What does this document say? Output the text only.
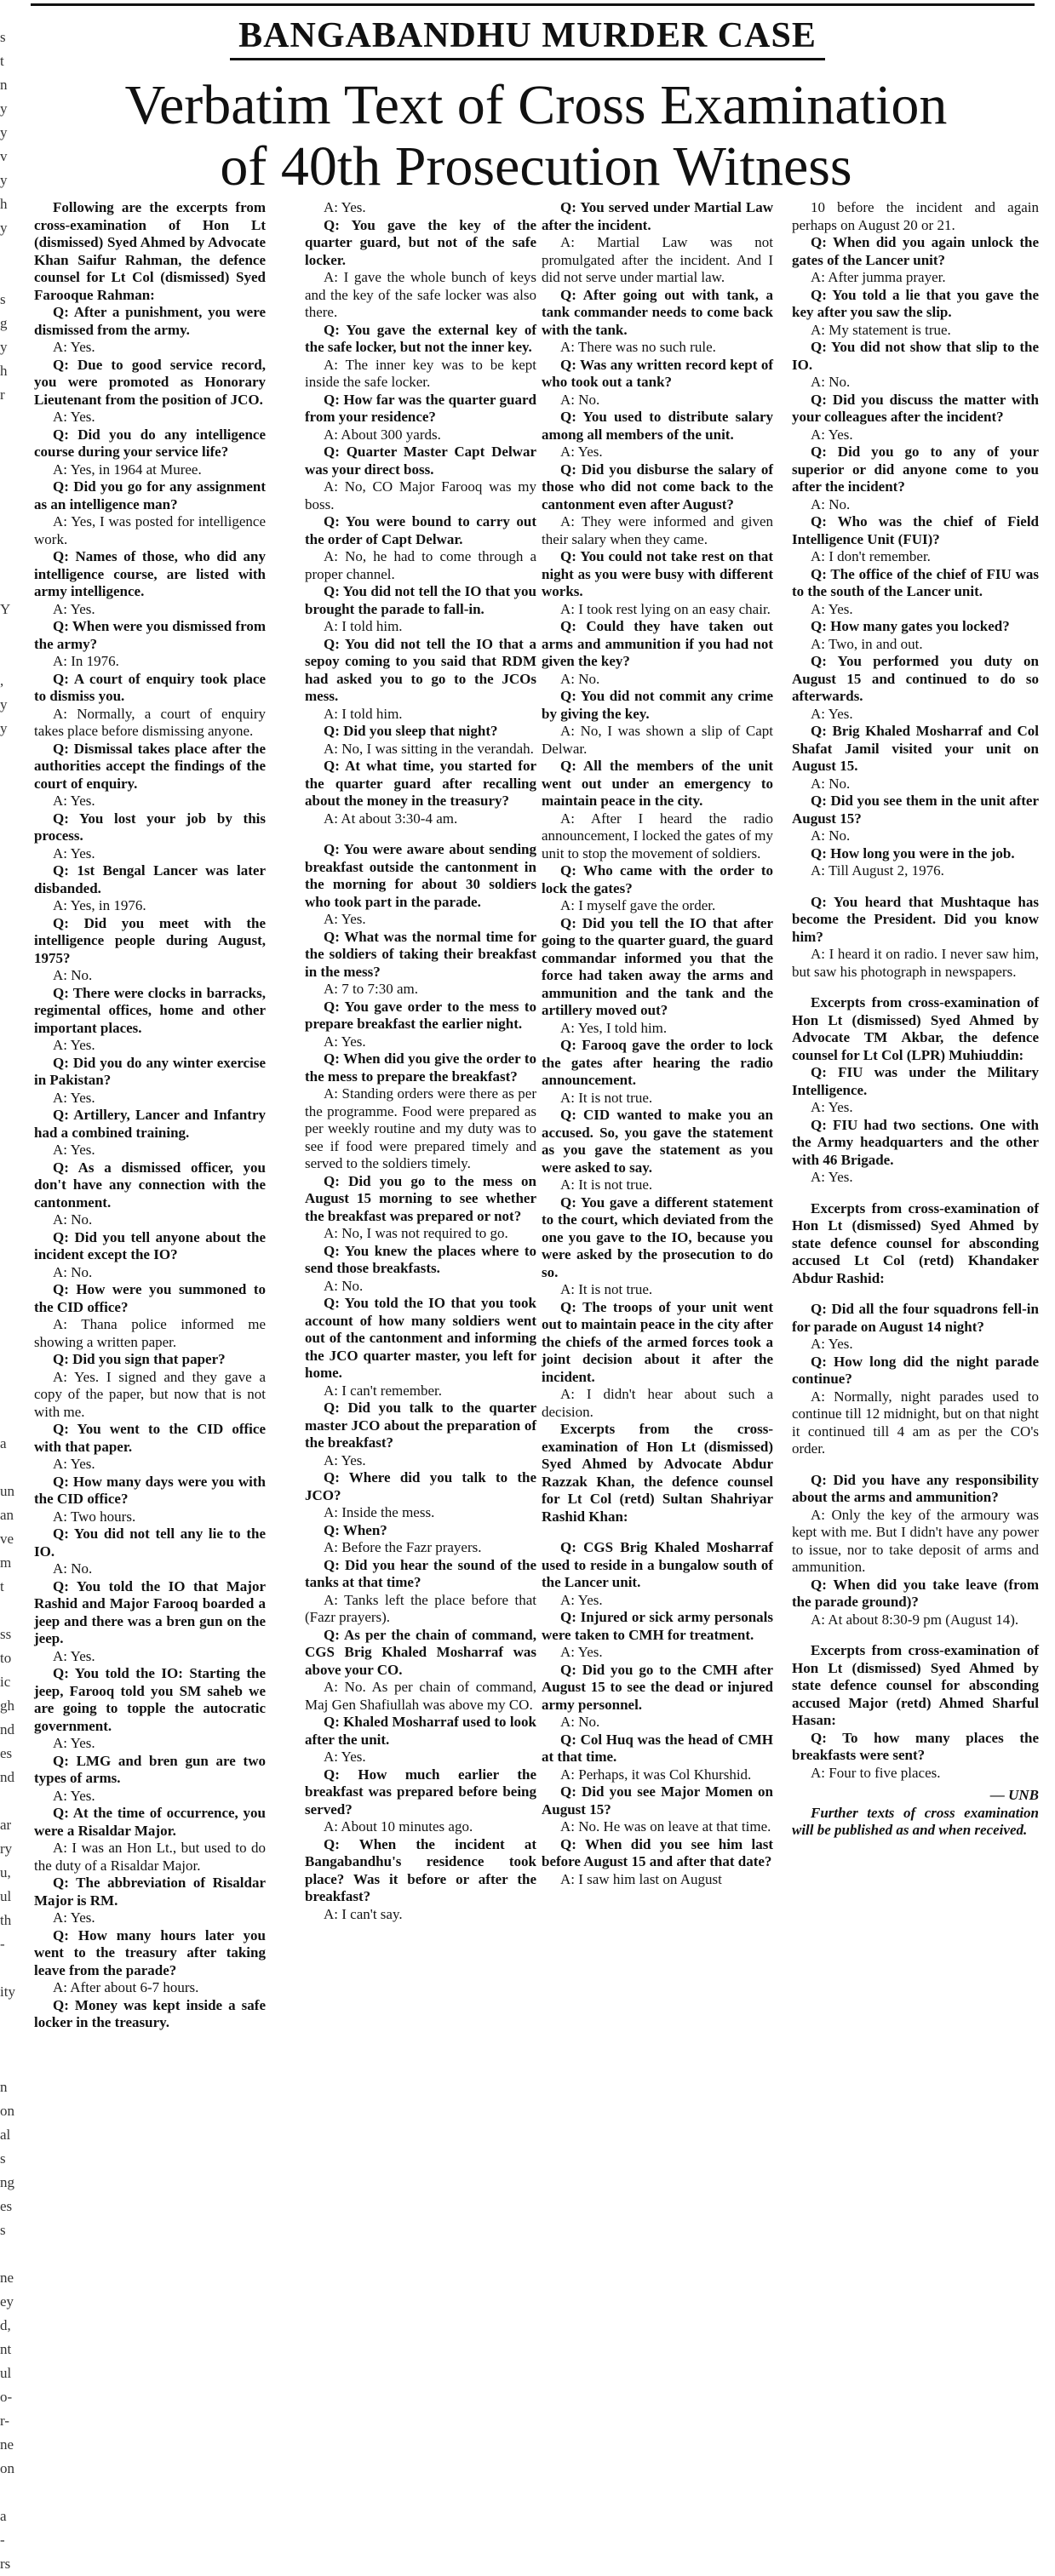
s
t
n
y
y
v
y
h
y

s
g
y
h
r

Y

,
y
y

a

un
an
ve
m
t

ss
to
ic
gh
nd
es
nd

ar
ry
u,
ul
th
-

ity

n
on
al
s
ng
es
s

ne
ey
d,
nt
ul
o-
r-
ne
on

a
-
rs
BANGABANDHU MURDER CASE
Verbatim Text of Cross Examination
of 40th Prosecution Witness

Following are the excerpts from cross-examination of Hon Lt (dismissed) Syed Ahmed by Advocate Khan Saifur Rahman, the defence counsel for Lt Col (dismissed) Syed Farooque Rahman:

Q: After a punishment, you were dismissed from the army.

A: Yes.

Q: Due to good service record, you were promoted as Honorary Lieutenant from the position of JCO.

A: Yes.

Q: Did you do any intelligence course during your service life?

A: Yes, in 1964 at Muree.

Q: Did you go for any assignment as an intelligence man?

A: Yes, I was posted for intelligence work.

Q: Names of those, who did any intelligence course, are listed with army intelligence.

A: Yes.

Q: When were you dismissed from the army?

A: In 1976.

Q: A court of enquiry took place to dismiss you.

A: Normally, a court of enquiry takes place before dismissing anyone.

Q: Dismissal takes place after the authorities accept the findings of the court of enquiry.

A: Yes.

Q: You lost your job by this process.

A: Yes.

Q: 1st Bengal Lancer was later disbanded.

A: Yes, in 1976.

Q: Did you meet with the intelligence people during August, 1975?

A: No.

Q: There were clocks in barracks, regimental offices, home and other important places.

A: Yes.

Q: Did you do any winter exercise in Pakistan?

A: Yes.

Q: Artillery, Lancer and Infantry had a combined training.

A: Yes.

Q: As a dismissed officer, you don't have any connection with the cantonment.

A: No.

Q: Did you tell anyone about the incident except the IO?

A: No.

Q: How were you summoned to the CID office?

A: Thana police informed me showing a written paper.

Q: Did you sign that paper?

A: Yes. I signed and they gave a copy of the paper, but now that is not with me.

Q: You went to the CID office with that paper.

A: Yes.

Q: How many days were you with the CID office?

A: Two hours.

Q: You did not tell any lie to the IO.

A: No.

Q: You told the IO that Major Rashid and Major Farooq boarded a jeep and there was a bren gun on the jeep.

A: Yes.

Q: You told the IO: Starting the jeep, Farooq told you SM saheb we are going to topple the autocratic government.

A: Yes.

Q: LMG and bren gun are two types of arms.

A: Yes.

Q: At the time of occurrence, you were a Risaldar Major.

A: I was an Hon Lt., but used to do the duty of a Risaldar Major.

Q: The abbreviation of Risaldar Major is RM.

A: Yes.

Q: How many hours later you went to the treasury after taking leave from the parade?

A: After about 6-7 hours.

Q: Money was kept inside a safe locker in the treasury.

A: Yes.

Q: You gave the key of the quarter guard, but not of the safe locker.

A: I gave the whole bunch of keys and the key of the safe locker was also there.

Q: You gave the external key of the safe locker, but not the inner key.

A: The inner key was to be kept inside the safe locker.

Q: How far was the quarter guard from your residence?

A: About 300 yards.

Q: Quarter Master Capt Delwar was your direct boss.

A: No, CO Major Farooq was my boss.

Q: You were bound to carry out the order of Capt Delwar.

A: No, he had to come through a proper channel.

Q: You did not tell the IO that you brought the parade to fall-in.

A: I told him.

Q: You did not tell the IO that a sepoy coming to you said that RDM had asked you to go to the JCOs mess.

A: I told him.

Q: Did you sleep that night?

A: No, I was sitting in the verandah.

Q: At what time, you started for the quarter guard after recalling about the money in the treasury?

A: At about 3:30-4 am.

Q: You were aware about sending breakfast outside the cantonment in the morning for about 30 soldiers who took part in the parade.

A: Yes.

Q: What was the normal time for the soldiers of taking their breakfast in the mess?

A: 7 to 7:30 am.

Q: You gave order to the mess to prepare breakfast the earlier night.

A: Yes.

Q: When did you give the order to the mess to prepare the breakfast?

A: Standing orders were there as per the programme. Food were prepared as per weekly routine and my duty was to see if food were prepared timely and served to the soldiers timely.

Q: Did you go to the mess on August 15 morning to see whether the breakfast was prepared or not?

A: No, I was not required to go.

Q: You knew the places where to send those breakfasts.

A: No.

Q: You told the IO that you took account of how many soldiers went out of the cantonment and informing the JCO quarter master, you left for home.

A: I can't remember.

Q: Did you talk to the quarter master JCO about the preparation of the breakfast?

A: Yes.

Q: Where did you talk to the JCO?

A: Inside the mess.

Q: When?

A: Before the Fazr prayers.

Q: Did you hear the sound of the tanks at that time?

A: Tanks left the place before that (Fazr prayers).

Q: As per the chain of command, CGS Brig Khaled Mosharraf was above your CO.

A: No. As per chain of command, Maj Gen Shafiullah was above my CO.

Q: Khaled Mosharraf used to look after the unit.

A: Yes.

Q: How much earlier the breakfast was prepared before being served?

A: About 10 minutes ago.

Q: When the incident at Bangabandhu's residence took place? Was it before or after the breakfast?

A: I can't say.

Q: You served under Martial Law after the incident.

A: Martial Law was not promulgated after the incident. And I did not serve under martial law.

Q: After going out with tank, a tank commander needs to come back with the tank.

A: There was no such rule.

Q: Was any written record kept of who took out a tank?

A: No.

Q: You used to distribute salary among all members of the unit.

A: Yes.

Q: Did you disburse the salary of those who did not come back to the cantonment even after August?

A: They were informed and given their salary when they came.

Q: You could not take rest on that night as you were busy with different works.

A: I took rest lying on an easy chair.

Q: Could they have taken out arms and ammunition if you had not given the key?

A: No.

Q: You did not commit any crime by giving the key.

A: No, I was shown a slip of Capt Delwar.

Q: All the members of the unit went out under an emergency to maintain peace in the city.

A: After I heard the radio announcement, I locked the gates of my unit to stop the movement of soldiers.

Q: Who came with the order to lock the gates?

A: I myself gave the order.

Q: Did you tell the IO that after going to the quarter guard, the guard commandar informed you that the force had taken away the arms and ammunition and the tank and the artillery moved out?

A: Yes, I told him.

Q: Farooq gave the order to lock the gates after hearing the radio announcement.

A: It is not true.

Q: CID wanted to make you an accused. So, you gave the statement as you gave the statement as you were asked to say.

A: It is not true.

Q: You gave a different statement to the court, which deviated from the one you gave to the IO, because you were asked by the prosecution to do so.

A: It is not true.

Q: The troops of your unit went out to maintain peace in the city after the chiefs of the armed forces took a joint decision about it after the incident.

A: I didn't hear about such a decision.

Excerpts from the cross-examination of Hon Lt (dismissed) Syed Ahmed by Advocate Abdur Razzak Khan, the defence counsel for Lt Col (retd) Sultan Shahriyar Rashid Khan:

Q: CGS Brig Khaled Mosharraf used to reside in a bungalow south of the Lancer unit.

A: Yes.

Q: Injured or sick army personals were taken to CMH for treatment.

A: Yes.

Q: Did you go to the CMH after August 15 to see the dead or injured army personnel.

A: No.

Q: Col Huq was the head of CMH at that time.

A: Perhaps, it was Col Khurshid.

Q: Did you see Major Momen on August 15?

A: No. He was on leave at that time.

Q: When did you see him last before August 15 and after that date?

A: I saw him last on August

10 before the incident and again perhaps on August 20 or 21.

Q: When did you again unlock the gates of the Lancer unit?

A: After jumma prayer.

Q: You told a lie that you gave the key after you saw the slip.

A: My statement is true.

Q: You did not show that slip to the IO.

A: No.

Q: Did you discuss the matter with your colleagues after the incident?

A: Yes.

Q: Did you go to any of your superior or did anyone come to you after the incident?

A: No.

Q: Who was the chief of Field Intelligence Unit (FUI)?

A: I don't remember.

Q: The office of the chief of FIU was to the south of the Lancer unit.

A: Yes.

Q: How many gates you locked?

A: Two, in and out.

Q: You performed you duty on August 15 and continued to do so afterwards.

A: Yes.

Q: Brig Khaled Mosharraf and Col Shafat Jamil visited your unit on August 15.

A: No.

Q: Did you see them in the unit after August 15?

A: No.

Q: How long you were in the job.

A: Till August 2, 1976.

Q: You heard that Mushtaque has become the President. Did you know him?

A: I heard it on radio. I never saw him, but saw his photograph in newspapers.

Excerpts from cross-examination of Hon Lt (dismissed) Syed Ahmed by Advocate TM Akbar, the defence counsel for Lt Col (LPR) Muhiuddin:

Q: FIU was under the Military Intelligence.

A: Yes.

Q: FIU had two sections. One with the Army headquarters and the other with 46 Brigade.

A: Yes.

Excerpts from cross-examination of Hon Lt (dismissed) Syed Ahmed by state defence counsel for absconding accused Lt Col (retd) Khandaker Abdur Rashid:

Q: Did all the four squadrons fell-in for parade on August 14 night?

A: Yes.

Q: How long did the night parade continue?

A: Normally, night parades used to continue till 12 midnight, but on that night it continued till 4 am as per the CO's order.

Q: Did you have any responsibility about the arms and ammunition?

A: Only the key of the armoury was kept with me. But I didn't have any power to issue, nor to take deposit of arms and ammunition.

Q: When did you take leave (from the parade ground)?

A: At about 8:30-9 pm (August 14).

Excerpts from cross-examination of Hon Lt (dismissed) Syed Ahmed by state defence counsel for absconding accused Major (retd) Ahmed Sharful Hasan:

Q: To how many places the breakfasts were sent?

A: Four to five places.

— UNB

Further texts of cross examination will be published as and when received.
